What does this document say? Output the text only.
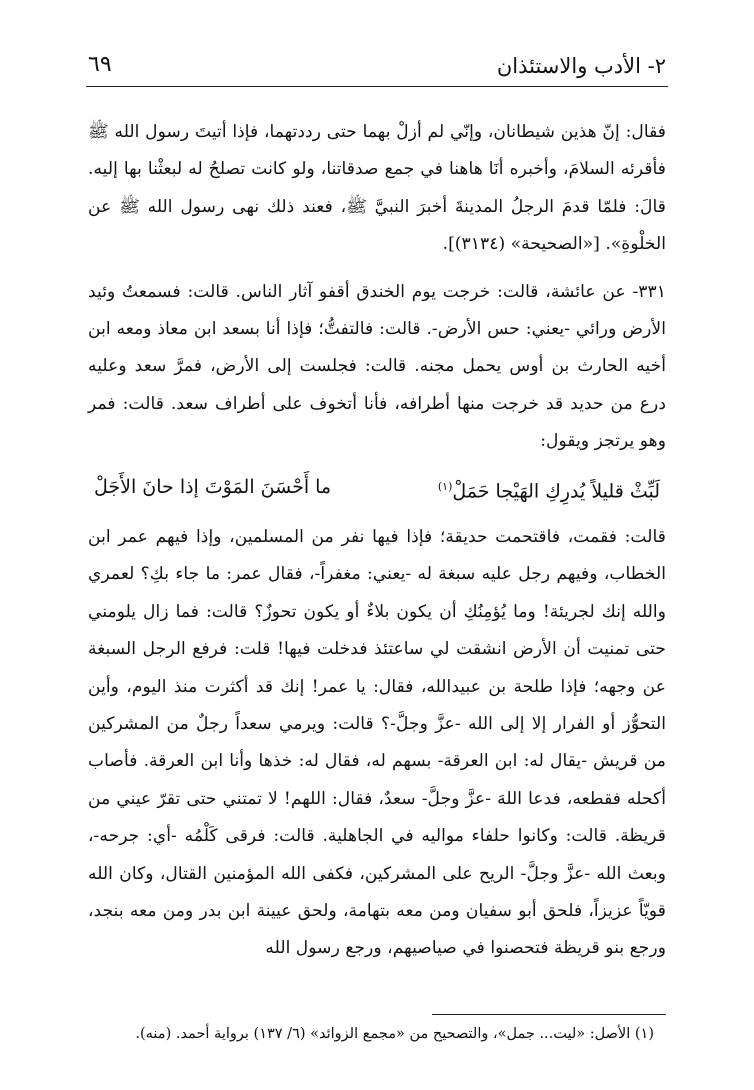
٢- الأدب والاستئذان
٦٩

فقال: إنّ هذين شيطانان، وإنّي لم أزلْ بهما حتى رددتهما، فإذا أتيتَ رسول الله ﷺ فأقرئه السلامَ، وأخبره أنَا هاهنا في جمع صدقاتنا، ولو كانت تصلحُ له لبعثْنا بها إليه. قالَ: فلمّا قدمَ الرجلُ المدينةَ أخبرَ النبيَّ ﷺ، فعند ذلك نهى رسول الله ﷺ عن الخلْوةِ». [«الصحيحة» (٣١٣٤)].

٣٣١- عن عائشة، قالت: خرجت يوم الخندق أقفو آثار الناس. قالت: فسمعتُ وئيد الأرض ورائي -يعني: حس الأرض-. قالت: فالتفتُّ؛ فإذا أنا بسعد ابن معاذ ومعه ابن أخيه الحارث بن أوس يحمل مجنه. قالت: فجلست إلى الأرض، فمرَّ سعد وعليه درع من حديد قد خرجت منها أطرافه، فأنا أتخوف على أطراف سعد. قالت: فمر وهو يرتجز ويقول:

لَبِّثْ قليلاً يُدرِكِ الهَيْجا حَمَلْ$^{(١)}$
ما أَحْسَنَ المَوْتَ إذا حانَ الأَجَلْ

قالت: فقمت، فاقتحمت حديقة؛ فإذا فيها نفر من المسلمين، وإذا فيهم عمر ابن الخطاب، وفيهم رجل عليه سبغة له -يعني: مغفراً-، فقال عمر: ما جاء بكِ؟ لعمري والله إنك لجريئة! وما يُؤمِنُكِ أن يكون بلاءٌ أو يكون تحوزٌ؟ قالت: فما زال يلومني حتى تمنيت أن الأرض انشقت لي ساعتئذ فدخلت فيها! قلت: فرفع الرجل السبغة عن وجهه؛ فإذا طلحة بن عبيدالله، فقال: يا عمر! إنك قد أكثرت منذ اليوم، وأين التحوُّز أو الفرار إلا إلى الله -عزَّ وجلَّ-؟ قالت: ويرمي سعداً رجلٌ من المشركين من قريش -يقال له: ابن العرقة- بسهم له، فقال له: خذها وأنا ابن العرقة. فأصاب أكحله فقطعه، فدعا اللهَ -عزَّ وجلَّ- سعدٌ، فقال: اللهم! لا تمتني حتى تقرّ عيني من قريظة. قالت: وكانوا حلفاء مواليه في الجاهلية. قالت: فرقى كَلْمُه -أي: جرحه-، وبعث الله -عزَّ وجلَّ- الريح على المشركين، فكفى الله المؤمنين القتال، وكان الله قويّاً عزيزاً، فلحق أبو سفيان ومن معه بتهامة، ولحق عيينة ابن بدر ومن معه بنجد، ورجع بنو قريظة فتحصنوا في صياصيهم، ورجع رسول الله

(١) الأصل: «ليت... جمل»، والتصحيح من «مجمع الزوائد» (٦/ ١٣٧) برواية أحمد. (منه).
